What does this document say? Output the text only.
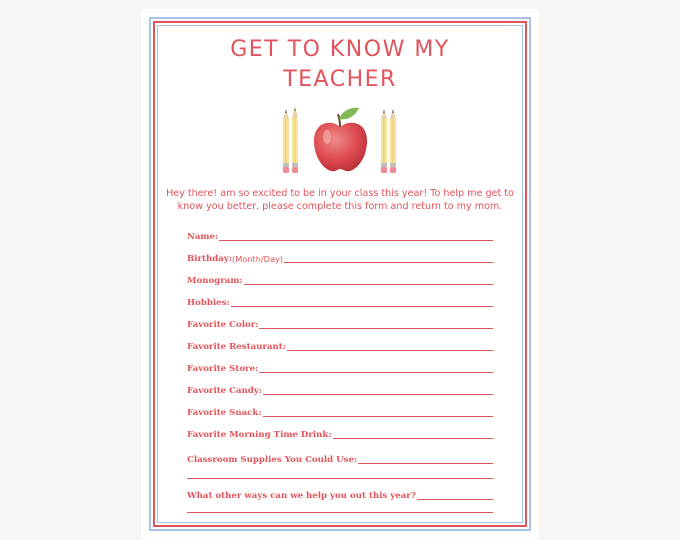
GET TO KNOW MY
TEACHER
Hey there! am so excited to be in your class this year! To help me get to know you better, please complete this form and return to my mom.
Name:
Birthday: (Month/Day)
Monogram:
Hobbies:
Favorite Color:
Favorite Restaurant:
Favorite Store:
Favorite Candy:
Favorite Snack:
Favorite Morning Time Drink:
Classroom Supplies You Could Use:
What other ways can we help you out this year?
